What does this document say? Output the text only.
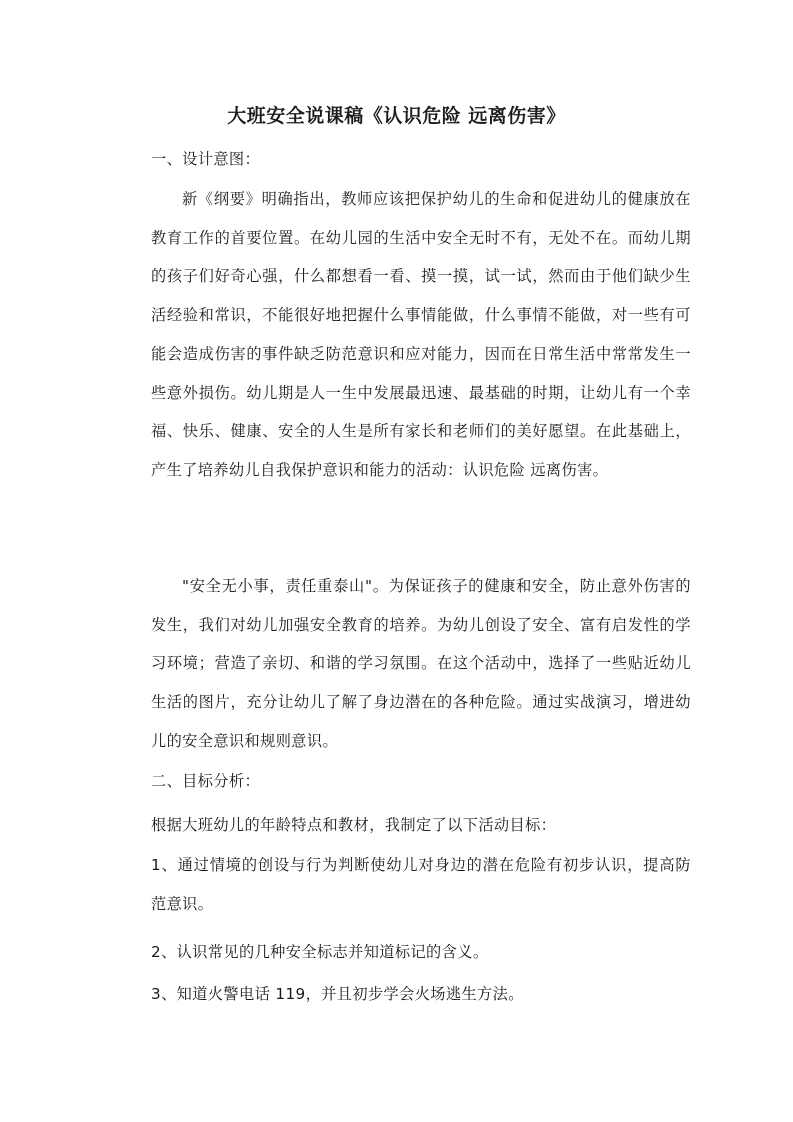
大班安全说课稿《认识危险 远离伤害》
一、设计意图：
新《纲要》明确指出，教师应该把保护幼儿的生命和促进幼儿的健康放在教育工作的首要位置。在幼儿园的生活中安全无时不有，无处不在。而幼儿期的孩子们好奇心强，什么都想看一看、摸一摸，试一试，然而由于他们缺少生活经验和常识，不能很好地把握什么事情能做，什么事情不能做，对一些有可能会造成伤害的事件缺乏防范意识和应对能力，因而在日常生活中常常发生一些意外损伤。幼儿期是人一生中发展最迅速、最基础的时期，让幼儿有一个幸福、快乐、健康、安全的人生是所有家长和老师们的美好愿望。在此基础上，产生了培养幼儿自我保护意识和能力的活动：认识危险 远离伤害。
"安全无小事，责任重泰山"。为保证孩子的健康和安全，防止意外伤害的发生，我们对幼儿加强安全教育的培养。为幼儿创设了安全、富有启发性的学习环境；营造了亲切、和谐的学习氛围。在这个活动中，选择了一些贴近幼儿生活的图片，充分让幼儿了解了身边潜在的各种危险。通过实战演习，增进幼儿的安全意识和规则意识。
二、目标分析：
根据大班幼儿的年龄特点和教材，我制定了以下活动目标：
1、通过情境的创设与行为判断使幼儿对身边的潜在危险有初步认识，提高防范意识。
2、认识常见的几种安全标志并知道标记的含义。
3、知道火警电话 119，并且初步学会火场逃生方法。
